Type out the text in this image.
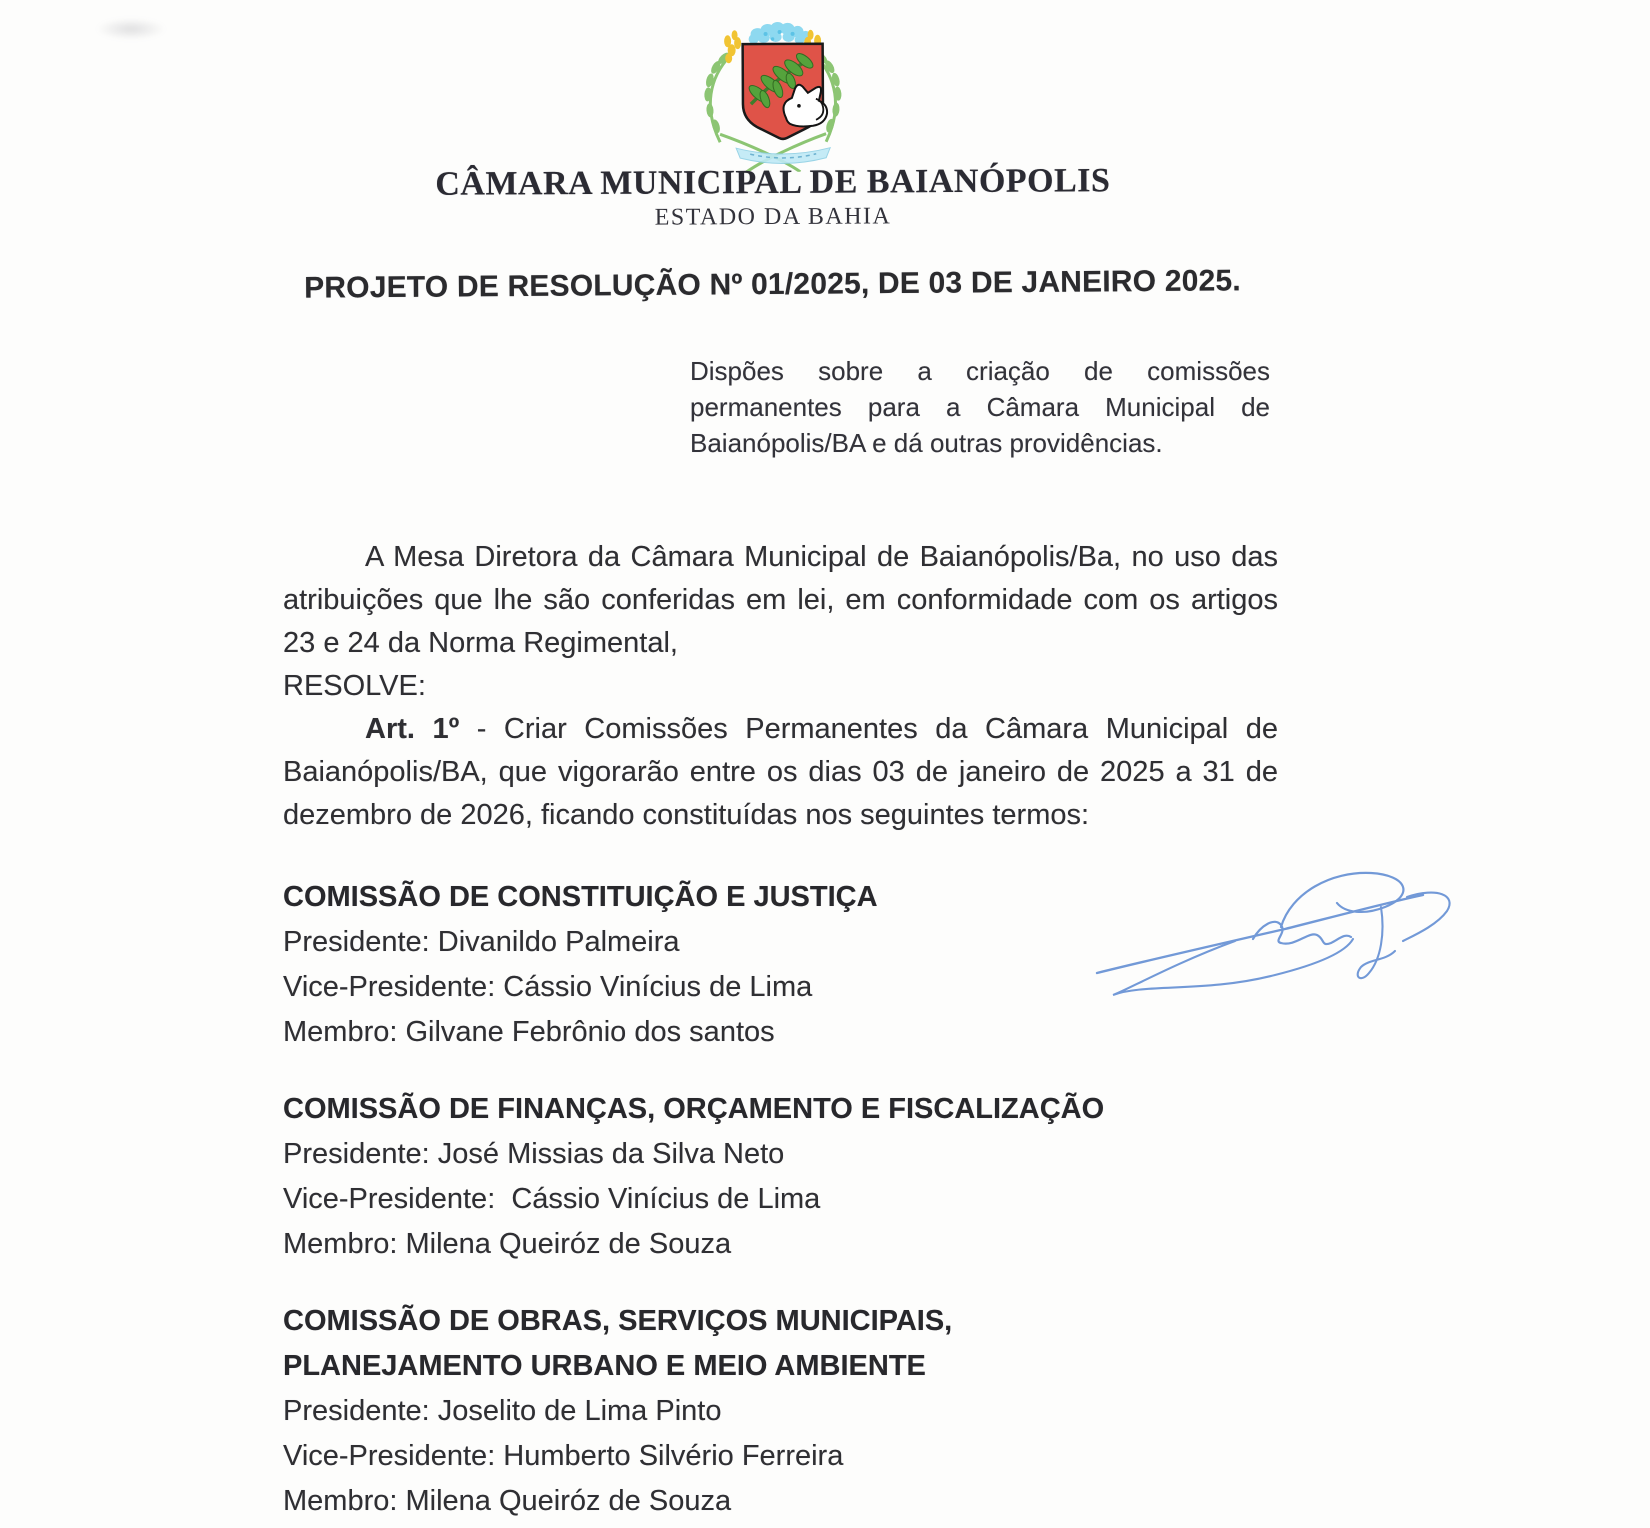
CÂMARA MUNICIPAL DE BAIANÓPOLIS
ESTADO DA BAHIA
PROJETO DE RESOLUÇÃO Nº 01/2025, DE 03 DE JANEIRO 2025.
Dispões sobre a criação de comissões permanentes para a Câmara Municipal de Baianópolis/BA e dá outras providências.

A Mesa Diretora da Câmara Municipal de Baianópolis/Ba, no uso das atribuições que lhe são conferidas em lei, em conformidade com os artigos 23 e 24 da Norma Regimental,

RESOLVE:

Art. 1º - Criar Comissões Permanentes da Câmara Municipal de Baianópolis/BA, que vigorarão entre os dias 03 de janeiro de 2025 a 31 de dezembro de 2026, ficando constituídas nos seguintes termos:

COMISSÃO DE CONSTITUIÇÃO E JUSTIÇA
Presidente: Divanildo Palmeira
Vice-Presidente: Cássio Vinícius de Lima
Membro: Gilvane Febrônio dos santos
COMISSÃO DE FINANÇAS, ORÇAMENTO E FISCALIZAÇÃO
Presidente: José Missias da Silva Neto
Vice-Presidente:  Cássio Vinícius de Lima
Membro: Milena Queiróz de Souza
COMISSÃO DE OBRAS, SERVIÇOS MUNICIPAIS, PLANEJAMENTO URBANO E MEIO AMBIENTE
Presidente: Joselito de Lima Pinto
Vice-Presidente: Humberto Silvério Ferreira
Membro: Milena Queiróz de Souza
